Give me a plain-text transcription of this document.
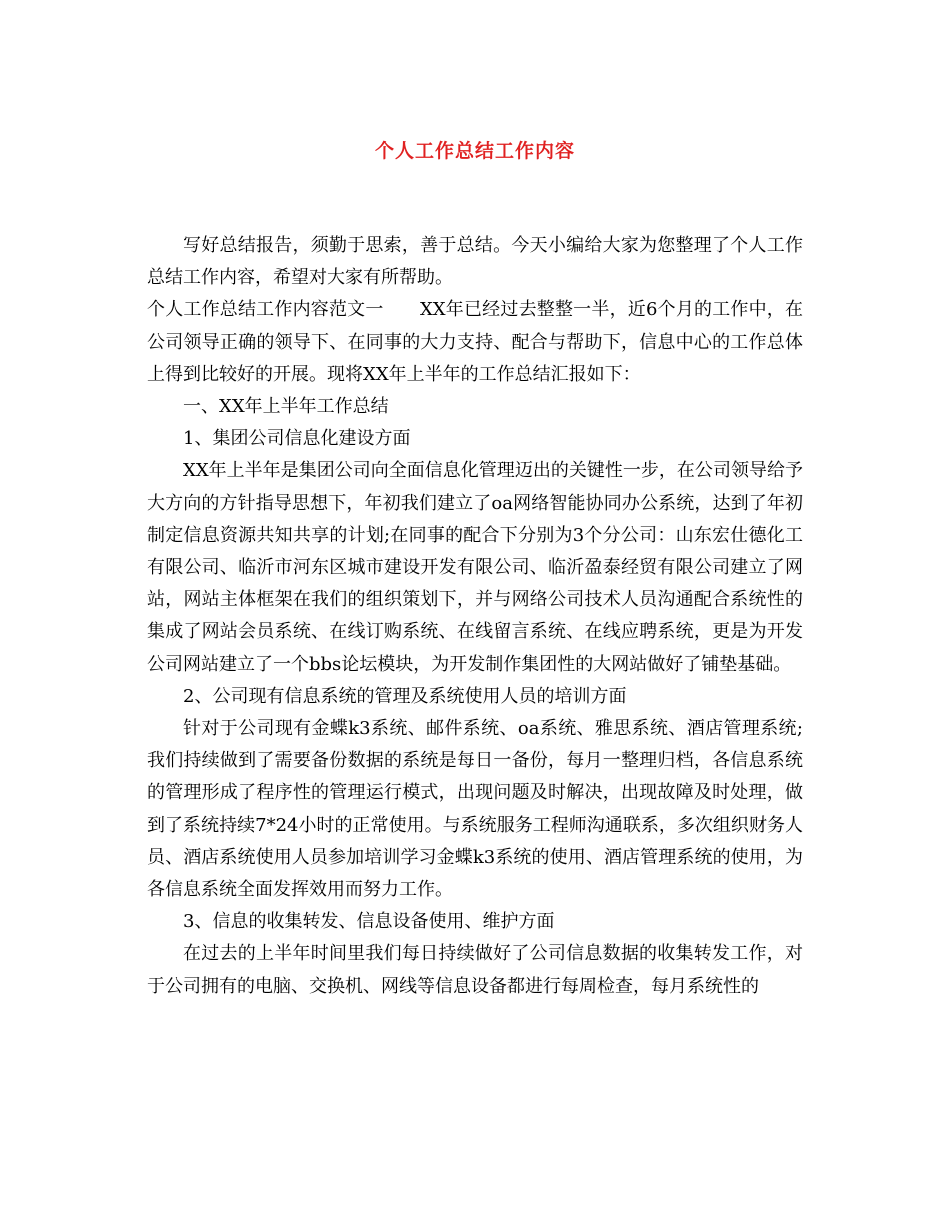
个人工作总结工作内容

写好总结报告，须勤于思索，善于总结。今天小编给大家为您整理了个人工作总结工作内容，希望对大家有所帮助。

个人工作总结工作内容范文一　　XX年已经过去整整一半，近6个月的工作中，在公司领导正确的领导下、在同事的大力支持、配合与帮助下，信息中心的工作总体上得到比较好的开展。现将XX年上半年的工作总结汇报如下：

一、XX年上半年工作总结

1、集团公司信息化建设方面

XX年上半年是集团公司向全面信息化管理迈出的关键性一步，在公司领导给予大方向的方针指导思想下，年初我们建立了oa网络智能协同办公系统，达到了年初制定信息资源共知共享的计划;在同事的配合下分别为3个分公司：山东宏仕德化工有限公司、临沂市河东区城市建设开发有限公司、临沂盈泰经贸有限公司建立了网站，网站主体框架在我们的组织策划下，并与网络公司技术人员沟通配合系统性的集成了网站会员系统、在线订购系统、在线留言系统、在线应聘系统，更是为开发公司网站建立了一个bbs论坛模块，为开发制作集团性的大网站做好了铺垫基础。

2、公司现有信息系统的管理及系统使用人员的培训方面

针对于公司现有金蝶k3系统、邮件系统、oa系统、雅思系统、酒店管理系统;我们持续做到了需要备份数据的系统是每日一备份，每月一整理归档，各信息系统的管理形成了程序性的管理运行模式，出现问题及时解决，出现故障及时处理，做到了系统持续7*24小时的正常使用。与系统服务工程师沟通联系，多次组织财务人员、酒店系统使用人员参加培训学习金蝶k3系统的使用、酒店管理系统的使用，为各信息系统全面发挥效用而努力工作。

3、信息的收集转发、信息设备使用、维护方面

在过去的上半年时间里我们每日持续做好了公司信息数据的收集转发工作，对于公司拥有的电脑、交换机、网线等信息设备都进行每周检查，每月系统性的
